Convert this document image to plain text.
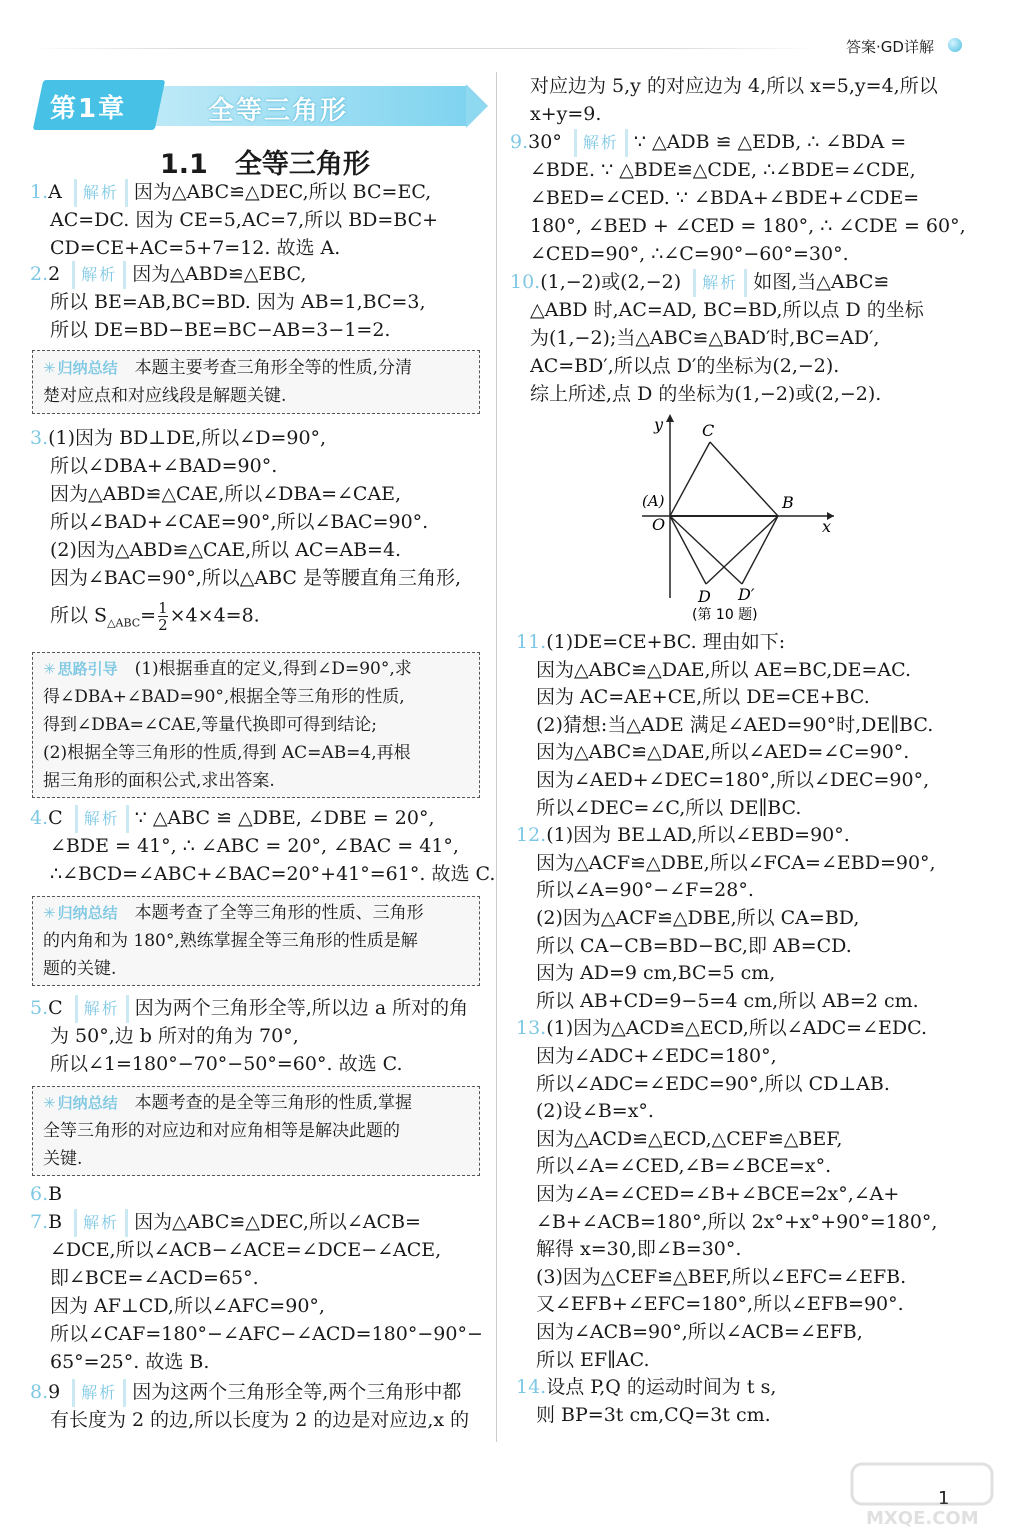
答案·GD详解
第1章	全等三角形
1.1　全等三角形
1.A 解析 因为△ABC≌△DEC,所以 BC=EC,
AC=DC. 因为 CE=5,AC=7,所以 BD=BC+
CD=CE+AC=5+7=12. 故选 A.
2.2 解析 因为△ABD≌△EBC,
所以 BE=AB,BC=BD. 因为 AB=1,BC=3,
所以 DE=BD−BE=BC−AB=3−1=2.
3.(1)因为 BD⊥DE,所以∠D=90°,
所以∠DBA+∠BAD=90°.
因为△ABD≌△CAE,所以∠DBA=∠CAE,
所以∠BAD+∠CAE=90°,所以∠BAC=90°.
(2)因为△ABD≌△CAE,所以 AC=AB=4.
因为∠BAC=90°,所以△ABC 是等腰直角三角形,
4.C 解析 ∵ △ABC ≌ △DBE, ∠DBE = 20°,
∠BDE = 41°, ∴ ∠ABC = 20°, ∠BAC = 41°,
∴∠BCD=∠ABC+∠BAC=20°+41°=61°. 故选 C.
5.C 解析 因为两个三角形全等,所以边 a 所对的角
为 50°,边 b 所对的角为 70°,
所以∠1=180°−70°−50°=60°. 故选 C.
6.B
7.B 解析 因为△ABC≌△DEC,所以∠ACB=
∠DCE,所以∠ACB−∠ACE=∠DCE−∠ACE,
即∠BCE=∠ACD=65°.
因为 AF⊥CD,所以∠AFC=90°,
所以∠CAF=180°−∠AFC−∠ACD=180°−90°−
65°=25°. 故选 B.
8.9 解析 因为这两个三角形全等,两个三角形中都
有长度为 2 的边,所以长度为 2 的边是对应边,x 的
✳ 归纳总结　 本题主要考查三角形全等的性质,分清
楚对应点和对应线段是解题关键.
✳ 思路引导　 (1)根据垂直的定义,得到∠D=90°,求
得∠DBA+∠BAD=90°,根据全等三角形的性质,
得到∠DBA=∠CAE,等量代换即可得到结论;
(2)根据全等三角形的性质,得到 AC=AB=4,再根
据三角形的面积公式,求出答案.
✳ 归纳总结　 本题考查了全等三角形的性质、三角形
的内角和为 180°,熟练掌握全等三角形的性质是解
题的关键.
✳ 归纳总结　 本题考查的是全等三角形的性质,掌握
全等三角形的对应边和对应角相等是解决此题的
关键.
所以 $S_{\triangle ABC}= \frac{1}{2} \times 4\times 4=8$.
对应边为 5,y 的对应边为 4,所以 x=5,y=4,所以
x+y=9.
9.30° 解析 ∵ △ADB ≌ △EDB, ∴ ∠BDA =
∠BDE. ∵ △BDE≌△CDE, ∴∠BDE=∠CDE,
∠BED=∠CED. ∵ ∠BDA+∠BDE+∠CDE=
180°, ∠BED + ∠CED = 180°, ∴ ∠CDE = 60°,
∠CED=90°, ∴∠C=90°−60°=30°.
10.(1,−2)或(2,−2) 解析 如图,当△ABC≌
△ABD 时,AC=AD, BC=BD,所以点 D 的坐标
为(1,−2);当△ABC≌△BAD′时,BC=AD′,
AC=BD′,所以点 D′的坐标为(2,−2).
综上所述,点 D 的坐标为(1,−2)或(2,−2).
11.(1)DE=CE+BC. 理由如下:
因为△ABC≌△DAE,所以 AE=BC,DE=AC.
因为 AC=AE+CE,所以 DE=CE+BC.
(2)猜想:当△ADE 满足∠AED=90°时,DE∥BC.
因为△ABC≌△DAE,所以∠AED=∠C=90°.
因为∠AED+∠DEC=180°,所以∠DEC=90°,
所以∠DEC=∠C,所以 DE∥BC.
12.(1)因为 BE⊥AD,所以∠EBD=90°.
因为△ACF≌△DBE,所以∠FCA=∠EBD=90°,
所以∠A=90°−∠F=28°.
(2)因为△ACF≌△DBE,所以 CA=BD,
所以 CA−CB=BD−BC,即 AB=CD.
因为 AD=9 cm,BC=5 cm,
所以 AB+CD=9−5=4 cm,所以 AB=2 cm.
13.(1)因为△ACD≌△ECD,所以∠ADC=∠EDC.
因为∠ADC+∠EDC=180°,
所以∠ADC=∠EDC=90°,所以 CD⊥AB.
(2)设∠B=x°.
因为△ACD≌△ECD,△CEF≌△BEF,
所以∠A=∠CED,∠B=∠BCE=x°.
因为∠A=∠CED=∠B+∠BCE=2x°,∠A+
∠B+∠ACB=180°,所以 2x°+x°+90°=180°,
解得 x=30,即∠B=30°.
(3)因为△CEF≌△BEF,所以∠EFC=∠EFB.
又∠EFB+∠EFC=180°,所以∠EFB=90°.
因为∠ACB=90°,所以∠ACB=∠EFB,
所以 EF∥AC.
14.设点 P,Q 的运动时间为 t s,
则 BP=3t cm,CQ=3t cm.
y
x
C
(A)
O
B
D D′
(第 10 题)
1
MXQE.COM
